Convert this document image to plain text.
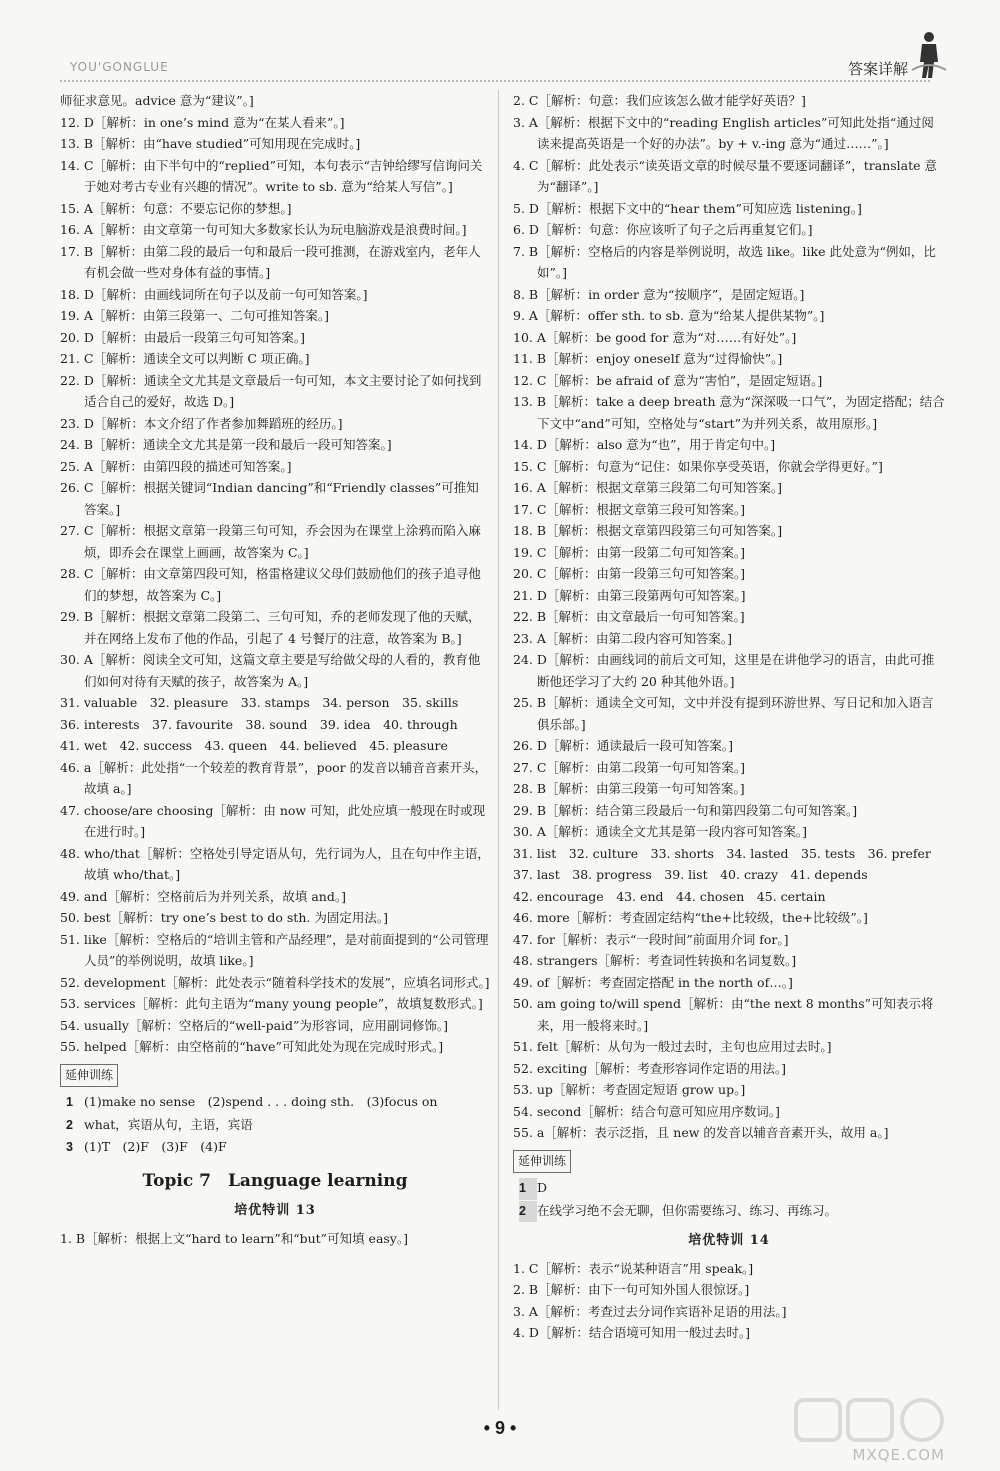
YOU'GONGLUE	答案详解
师征求意见。advice 意为“建议”。]
12. D［解析：in one’s mind 意为“在某人看来”。]
13. B［解析：由“have studied”可知用现在完成时。]
14. C［解析：由下半句中的“replied”可知，本句表示“吉钟给缪写信询问关于她对考古专业有兴趣的情况”。write to sb. 意为“给某人写信”。]
15. A［解析：句意：不要忘记你的梦想。]
16. A［解析：由文章第一句可知大多数家长认为玩电脑游戏是浪费时间。]
17. B［解析：由第二段的最后一句和最后一段可推测，在游戏室内，老年人有机会做一些对身体有益的事情。]
18. D［解析：由画线词所在句子以及前一句可知答案。]
19. A［解析：由第三段第一、二句可推知答案。]
20. D［解析：由最后一段第三句可知答案。]
21. C［解析：通读全文可以判断 C 项正确。]
22. D［解析：通读全文尤其是文章最后一句可知，本文主要讨论了如何找到适合自己的爱好，故选 D。]
23. D［解析：本文介绍了作者参加舞蹈班的经历。]
24. B［解析：通读全文尤其是第一段和最后一段可知答案。]
25. A［解析：由第四段的描述可知答案。]
26. C［解析：根据关键词“Indian dancing”和“Friendly classes”可推知答案。]
27. C［解析：根据文章第一段第三句可知，乔会因为在课堂上涂鸦而陷入麻烦，即乔会在课堂上画画，故答案为 C。]
28. C［解析：由文章第四段可知，格雷格建议父母们鼓励他们的孩子追寻他们的梦想，故答案为 C。]
29. B［解析：根据文章第二段第二、三句可知，乔的老师发现了他的天赋，并在网络上发布了他的作品，引起了 4 号餐厅的注意，故答案为 B。]
30. A［解析：阅读全文可知，这篇文章主要是写给做父母的人看的，教育他们如何对待有天赋的孩子，故答案为 A。]
31. valuable　32. pleasure　33. stamps　34. person　35. skills
36. interests　37. favourite　38. sound　39. idea　40. through
41. wet　42. success　43. queen　44. believed　45. pleasure
46. a［解析：此处指“一个较差的教育背景”，poor 的发音以辅音音素开头，故填 a。]
47. choose/are choosing［解析：由 now 可知，此处应填一般现在时或现在进行时。]
48. who/that［解析：空格处引导定语从句，先行词为人，且在句中作主语，故填 who/that。]
49. and［解析：空格前后为并列关系，故填 and。]
50. best［解析：try one’s best to do sth. 为固定用法。]
51. like［解析：空格后的“培训主管和产品经理”，是对前面提到的“公司管理人员”的举例说明，故填 like。]
52. development［解析：此处表示“随着科学技术的发展”，应填名词形式。]
53. services［解析：此句主语为“many young people”，故填复数形式。]
54. usually［解析：空格后的“well-paid”为形容词，应用副词修饰。]
55. helped［解析：由空格前的“have”可知此处为现在完成时形式。]
延伸训练
1 (1)make no sense　(2)spend . . . doing sth.　(3)focus on
2 what，宾语从句，主语，宾语
3 (1)T　(2)F　(3)F　(4)F
Topic 7　Language learning
培优特训 13
1. B［解析：根据上文“hard to learn”和“but”可知填 easy。]
2. C［解析：句意：我们应该怎么做才能学好英语？]
3. A［解析：根据下文中的“reading English articles”可知此处指“通过阅读来提高英语是一个好的办法”。by + v.-ing 意为“通过……”。]
4. C［解析：此处表示“读英语文章的时候尽量不要逐词翻译”，translate 意为“翻译”。]
5. D［解析：根据下文中的“hear them”可知应选 listening。]
6. D［解析：句意：你应该听了句子之后再重复它们。]
7. B［解析：空格后的内容是举例说明，故选 like。like 此处意为“例如，比如”。]
8. B［解析：in order 意为“按顺序”，是固定短语。]
9. A［解析：offer sth. to sb. 意为“给某人提供某物”。]
10. A［解析：be good for 意为“对……有好处”。]
11. B［解析：enjoy oneself 意为“过得愉快”。]
12. C［解析：be afraid of 意为“害怕”，是固定短语。]
13. B［解析：take a deep breath 意为“深深吸一口气”，为固定搭配；结合下文中“and”可知，空格处与“start”为并列关系，故用原形。]
14. D［解析：also 意为“也”，用于肯定句中。]
15. C［解析：句意为“记住：如果你享受英语，你就会学得更好。”]
16. A［解析：根据文章第三段第二句可知答案。]
17. C［解析：根据文章第三段可知答案。]
18. B［解析：根据文章第四段第三句可知答案。]
19. C［解析：由第一段第二句可知答案。]
20. C［解析：由第一段第三句可知答案。]
21. D［解析：由第三段第两句可知答案。]
22. B［解析：由文章最后一句可知答案。]
23. A［解析：由第二段内容可知答案。]
24. D［解析：由画线词的前后文可知，这里是在讲他学习的语言，由此可推断他还学习了大约 20 种其他外语。]
25. B［解析：通读全文可知，文中并没有提到环游世界、写日记和加入语言俱乐部。]
26. D［解析：通读最后一段可知答案。]
27. C［解析：由第二段第一句可知答案。]
28. B［解析：由第三段第一句可知答案。]
29. B［解析：结合第三段最后一句和第四段第二句可知答案。]
30. A［解析：通读全文尤其是第一段内容可知答案。]
31. list　32. culture　33. shorts　34. lasted　35. tests　36. prefer
37. last　38. progress　39. list　40. crazy　41. depends
42. encourage　43. end　44. chosen　45. certain
46. more［解析：考查固定结构“the+比较级，the+比较级”。]
47. for［解析：表示“一段时间”前面用介词 for。]
48. strangers［解析：考查词性转换和名词复数。]
49. of［解析：考查固定搭配 in the north of…。]
50. am going to/will spend［解析：由“the next 8 months”可知表示将来，用一般将来时。]
51. felt［解析：从句为一般过去时，主句也应用过去时。]
52. exciting［解析：考查形容词作定语的用法。]
53. up［解析：考查固定短语 grow up。]
54. second［解析：结合句意可知应用序数词。]
55. a［解析：表示泛指，且 new 的发音以辅音音素开头，故用 a。]
延伸训练
1 D
2 在线学习绝不会无聊，但你需要练习、练习、再练习。
培优特训 14
1. C［解析：表示“说某种语言”用 speak。]
2. B［解析：由下一句可知外国人很惊讶。]
3. A［解析：考查过去分词作宾语补足语的用法。]
4. D［解析：结合语境可知用一般过去时。]
• 9 •
MXQE.COM
